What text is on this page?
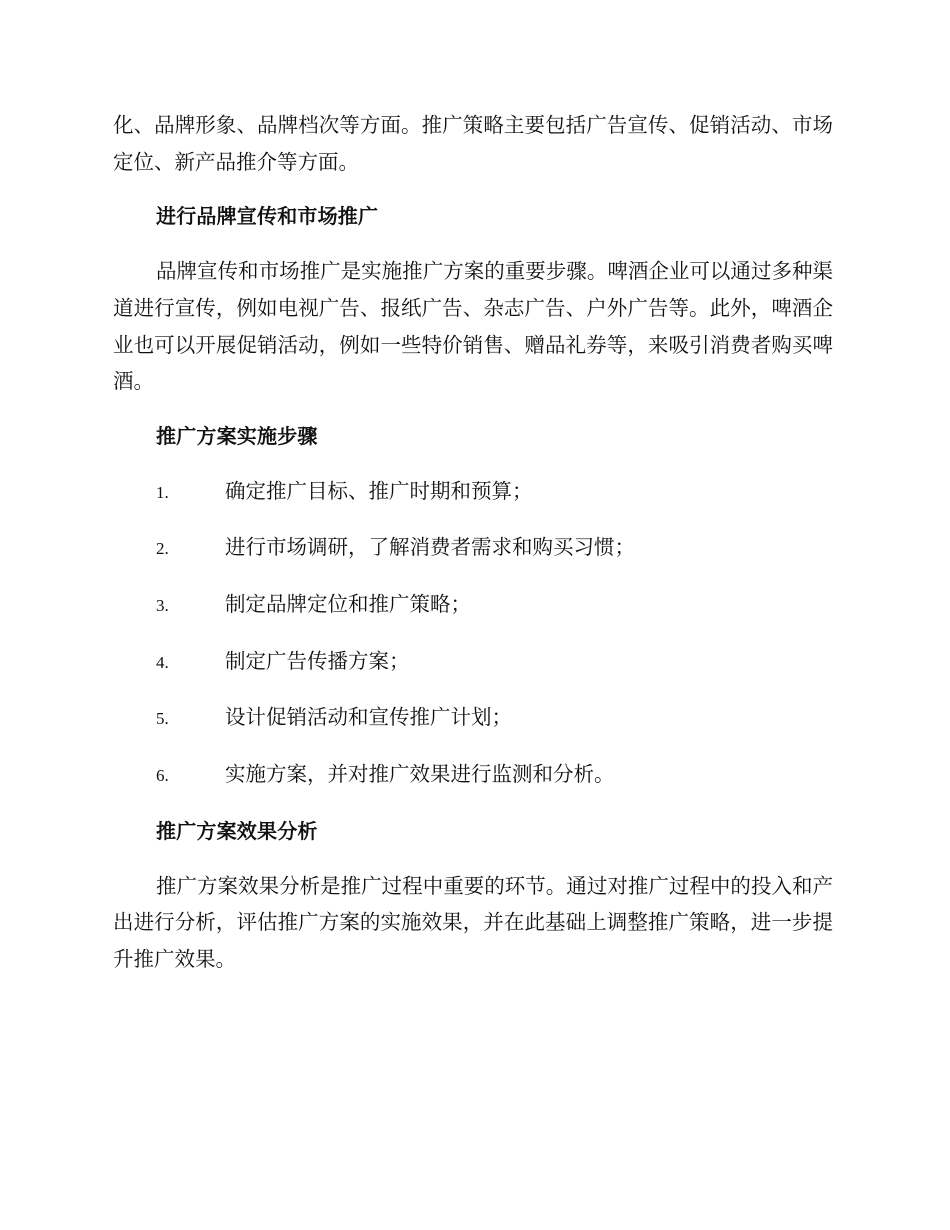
化、品牌形象、品牌档次等方面。推广策略主要包括广告宣传、促销活动、市场定位、新产品推介等方面。

进行品牌宣传和市场推广

品牌宣传和市场推广是实施推广方案的重要步骤。啤酒企业可以通过多种渠道进行宣传，例如电视广告、报纸广告、杂志广告、户外广告等。此外，啤酒企业也可以开展促销活动，例如一些特价销售、赠品礼券等，来吸引消费者购买啤酒。

推广方案实施步骤
1.	确定推广目标、推广时期和预算；
2.	进行市场调研，了解消费者需求和购买习惯；
3.	制定品牌定位和推广策略；
4.	制定广告传播方案；
5.	设计促销活动和宣传推广计划；
6.	实施方案，并对推广效果进行监测和分析。
推广方案效果分析

推广方案效果分析是推广过程中重要的环节。通过对推广过程中的投入和产出进行分析，评估推广方案的实施效果，并在此基础上调整推广策略，进一步提升推广效果。
